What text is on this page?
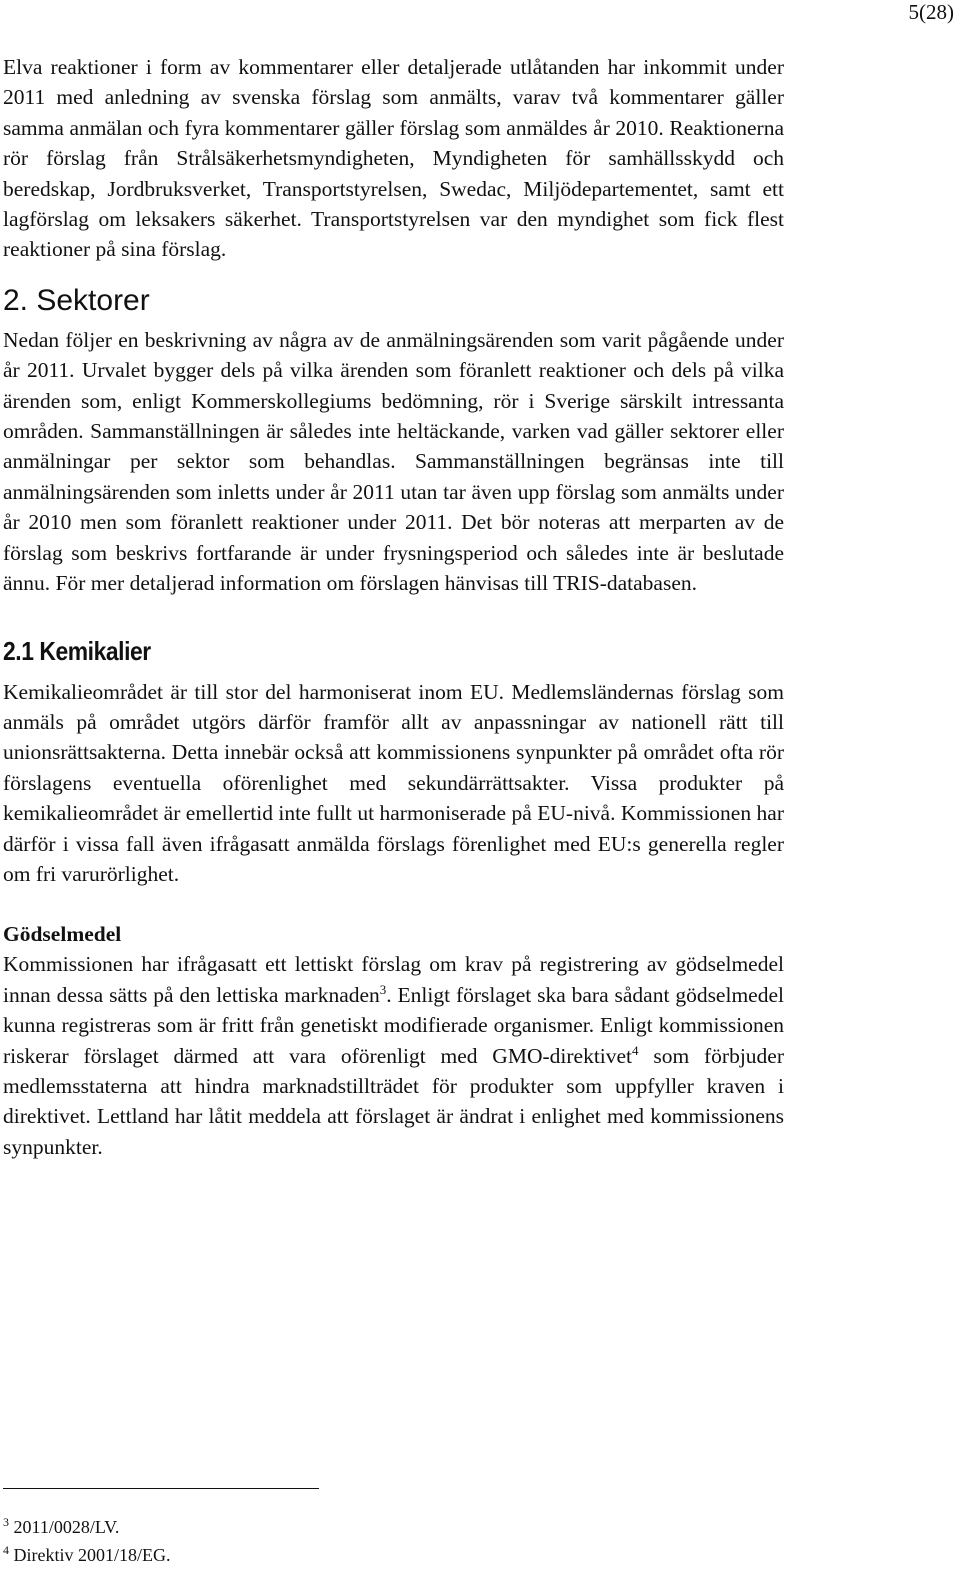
5(28)

Elva reaktioner i form av kommentarer eller detaljerade utlåtanden har inkommit under 2011 med anledning av svenska förslag som anmälts, varav två kommentarer gäller samma anmälan och fyra kommentarer gäller förslag som anmäldes år 2010. Reaktionerna rör förslag från Strålsäkerhetsmyndigheten, Myndigheten för samhällsskydd och beredskap, Jordbruksverket, Transportstyrelsen, Swedac, Miljödepartementet, samt ett lagförslag om leksakers säkerhet. Transportstyrelsen var den myndighet som fick flest reaktioner på sina förslag.

2. Sektorer

Nedan följer en beskrivning av några av de anmälningsärenden som varit pågående under år 2011. Urvalet bygger dels på vilka ärenden som föranlett reaktioner och dels på vilka ärenden som, enligt Kommerskollegiums bedömning, rör i Sverige särskilt intressanta områden. Sammanställningen är således inte heltäckande, varken vad gäller sektorer eller anmälningar per sektor som behandlas. Sammanställningen begränsas inte till anmälningsärenden som inletts under år 2011 utan tar även upp förslag som anmälts under år 2010 men som föranlett reaktioner under 2011. Det bör noteras att merparten av de förslag som beskrivs fortfarande är under frysningsperiod och således inte är beslutade ännu. För mer detaljerad information om förslagen hänvisas till TRIS-databasen.

2.1 Kemikalier

Kemikalieområdet är till stor del harmoniserat inom EU. Medlemsländernas förslag som anmäls på området utgörs därför framför allt av anpassningar av nationell rätt till unionsrättsakterna. Detta innebär också att kommissionens synpunkter på området ofta rör förslagens eventuella oförenlighet med sekundärrättsakter. Vissa produkter på kemikalieområdet är emellertid inte fullt ut harmoniserade på EU-nivå. Kommissionen har därför i vissa fall även ifrågasatt anmälda förslags förenlighet med EU:s generella regler om fri varurörlighet.

Gödselmedel

Kommissionen har ifrågasatt ett lettiskt förslag om krav på registrering av gödselmedel innan dessa sätts på den lettiska marknaden$^3$. Enligt förslaget ska bara sådant gödselmedel kunna registreras som är fritt från genetiskt modifierade organismer. Enligt kommissionen riskerar förslaget därmed att vara oförenligt med GMO-direktivet$^4$ som förbjuder medlemsstaterna att hindra marknadstillträdet för produkter som uppfyller kraven i direktivet. Lettland har låtit meddela att förslaget är ändrat i enlighet med kommissionens synpunkter.

$^3$ 2011/0028/LV.
$^4$ Direktiv 2001/18/EG.
